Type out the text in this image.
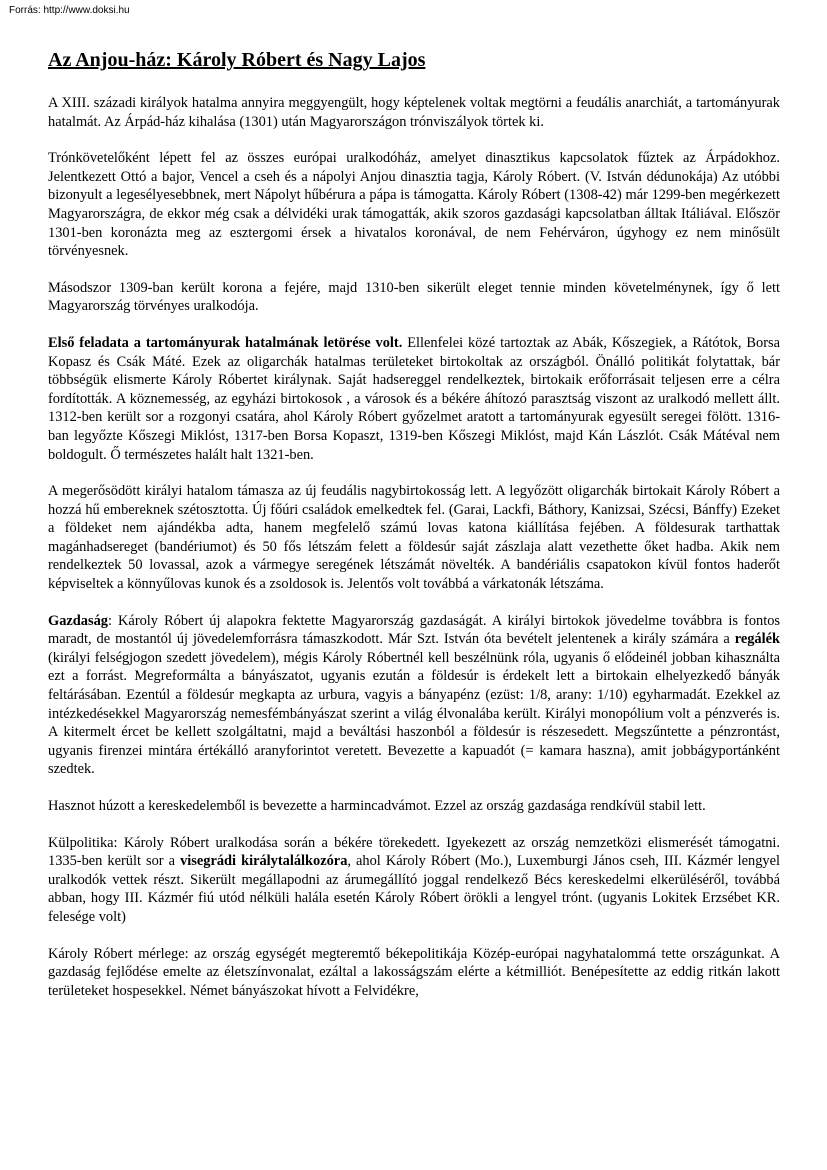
Forrás: http://www.doksi.hu
Az Anjou-ház: Károly Róbert és Nagy Lajos

A XIII. századi királyok hatalma annyira meggyengült, hogy képtelenek voltak megtörni a feudális anarchiát, a tartományurak hatalmát. Az Árpád-ház kihalása (1301) után Magyarországon trónviszályok törtek ki.

Trónkövetelőként lépett fel az összes európai uralkodóház, amelyet dinasztikus kapcsolatok fűztek az Árpádokhoz. Jelentkezett Ottó a bajor, Vencel a cseh és a nápolyi Anjou dinasztia tagja, Károly Róbert. (V. István dédunokája) Az utóbbi bizonyult a legesélyesebbnek, mert Nápolyt hűbérura a pápa is támogatta. Károly Róbert (1308-42) már 1299-ben megérkezett Magyarországra, de ekkor még csak a délvidéki urak támogatták, akik szoros gazdasági kapcsolatban álltak Itáliával. Először 1301-ben koronázta meg az esztergomi érsek a hivatalos koronával, de nem Fehérváron, úgyhogy ez nem minősült törvényesnek.

Másodszor 1309-ban került korona a fejére, majd 1310-ben sikerült eleget tennie minden követelménynek, így ő lett Magyarország törvényes uralkodója.

Első feladata a tartományurak hatalmának letörése volt. Ellenfelei közé tartoztak az Abák, Kőszegiek, a Rátótok, Borsa Kopasz és Csák Máté. Ezek az oligarchák hatalmas területeket birtokoltak az országból. Önálló politikát folytattak, bár többségük elismerte Károly Róbertet királynak. Saját hadsereggel rendelkeztek, birtokaik erőforrásait teljesen erre a célra fordították. A köznemesség, az egyházi birtokosok , a városok és a békére áhítozó parasztság viszont az uralkodó mellett állt. 1312-ben került sor a rozgonyi csatára, ahol Károly Róbert győzelmet aratott a tartományurak egyesült seregei fölött. 1316-ban legyőzte Kőszegi Miklóst, 1317-ben Borsa Kopaszt, 1319-ben Kőszegi Miklóst, majd Kán Lászlót. Csák Mátéval nem boldogult. Ő természetes halált halt 1321-ben.

A megerősödött királyi hatalom támasza az új feudális nagybirtokosság lett. A legyőzött oligarchák birtokait Károly Róbert a hozzá hű embereknek szétosztotta. Új főúri családok emelkedtek fel. (Garai, Lackfi, Báthory, Kanizsai, Szécsi, Bánffy) Ezeket a földeket nem ajándékba adta, hanem megfelelő számú lovas katona kiállítása fejében. A földesurak tarthattak magánhadsereget (bandériumot) és 50 fős létszám felett a földesúr saját zászlaja alatt vezethette őket hadba. Akik nem rendelkeztek 50 lovassal, azok a vármegye seregének létszámát növelték. A bandériális csapatokon kívül fontos haderőt képviseltek a könnyűlovas kunok és a zsoldosok is. Jelentős volt továbbá a várkatonák létszáma.

Gazdaság: Károly Róbert új alapokra fektette Magyarország gazdaságát. A királyi birtokok jövedelme továbbra is fontos maradt, de mostantól új jövedelemforrásra támaszkodott. Már Szt. István óta bevételt jelentenek a király számára a regálék (királyi felségjogon szedett jövedelem), mégis Károly Róbertnél kell beszélnünk róla, ugyanis ő elődeinél jobban kihasználta ezt a forrást. Megreformálta a bányászatot, ugyanis ezután a földesúr is érdekelt lett a birtokain elhelyezkedő bányák feltárásában. Ezentúl a földesúr megkapta az urbura, vagyis a bányapénz (ezüst: 1/8, arany: 1/10) egyharmadát. Ezekkel az intézkedésekkel Magyarország nemesfémbányászat szerint a világ élvonalába került. Királyi monopólium volt a pénzverés is. A kitermelt ércet be kellett szolgáltatni, majd a beváltási haszonból a földesúr is részesedett. Megszűntette a pénzrontást, ugyanis firenzei mintára értékálló aranyforintot veretett. Bevezette a kapuadót (= kamara haszna), amit jobbágyportánként szedtek.

Hasznot húzott a kereskedelemből is bevezette a harmincadvámot. Ezzel az ország gazdasága rendkívül stabil lett.

Külpolitika: Károly Róbert uralkodása során a békére törekedett. Igyekezett az ország nemzetközi elismerését támogatni. 1335-ben került sor a visegrádi királytalálkozóra, ahol Károly Róbert (Mo.), Luxemburgi János cseh, III. Kázmér lengyel uralkodók vettek részt. Sikerült megállapodni az árumegállító joggal rendelkező Bécs kereskedelmi elkerüléséről, továbbá abban, hogy III. Kázmér fiú utód nélküli halála esetén Károly Róbert örökli a lengyel trónt. (ugyanis Lokitek Erzsébet KR. felesége volt)

Károly Róbert mérlege: az ország egységét megteremtő békepolitikája Közép-európai nagyhatalommá tette országunkat. A gazdaság fejlődése emelte az életszínvonalat, ezáltal a lakosságszám elérte a kétmilliót. Benépesítette az eddig ritkán lakott területeket hospesekkel. Német bányászokat hívott a Felvidékre,
